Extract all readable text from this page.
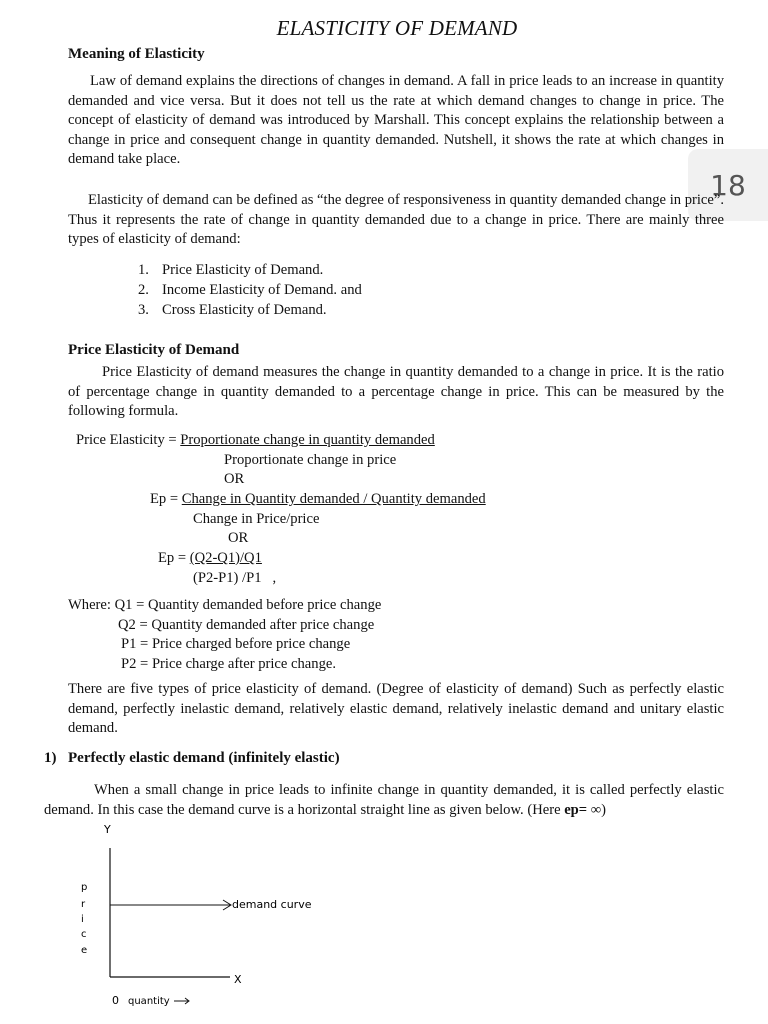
ELASTICITY OF DEMAND
18
Meaning of Elasticity
Law of demand explains the directions of changes in demand. A fall in price leads to an increase in quantity demanded and vice versa. But it does not tell us the rate at which demand changes to change in price. The concept of elasticity of demand was introduced by Marshall. This concept explains the relationship between a change in price and consequent change in quantity demanded. Nutshell, it shows the rate at which changes in demand take place.
Elasticity of demand can be defined as “the degree of responsiveness in quantity demanded change in price”. Thus it represents the rate of change in quantity demanded due to a change in price. There are mainly three types of elasticity of demand:
1. Price Elasticity of Demand.
2. Income Elasticity of Demand. and
3. Cross Elasticity of Demand.
Price Elasticity of Demand
Price Elasticity of demand measures the change in quantity demanded to a change in price. It is the ratio of percentage change in quantity demanded to a percentage change in price. This can be measured by the following formula.
Price Elasticity = Proportionate change in quantity demanded
Proportionate change in price
OR
Ep = Change in Quantity demanded / Quantity demanded
Change in Price/price
OR
Ep = (Q2-Q1)/Q1
(P2-P1) /P1   ,
Where: Q1 = Quantity demanded before price change
Q2 = Quantity demanded after price change
P1 = Price charged before price change
P2 = Price charge after price change.
There are five types of price elasticity of demand. (Degree of elasticity of demand) Such as perfectly elastic demand, perfectly inelastic demand, relatively elastic demand, relatively inelastic demand and unitary elastic demand.
1) Perfectly elastic demand (infinitely elastic)
When a small change in price leads to infinite change in quantity demanded, it is called perfectly elastic demand. In this case the demand curve is a horizontal straight line as given below. (Here ep= ∞)
Y
X
0 quantity
demand curve
p
r
i
c
e
